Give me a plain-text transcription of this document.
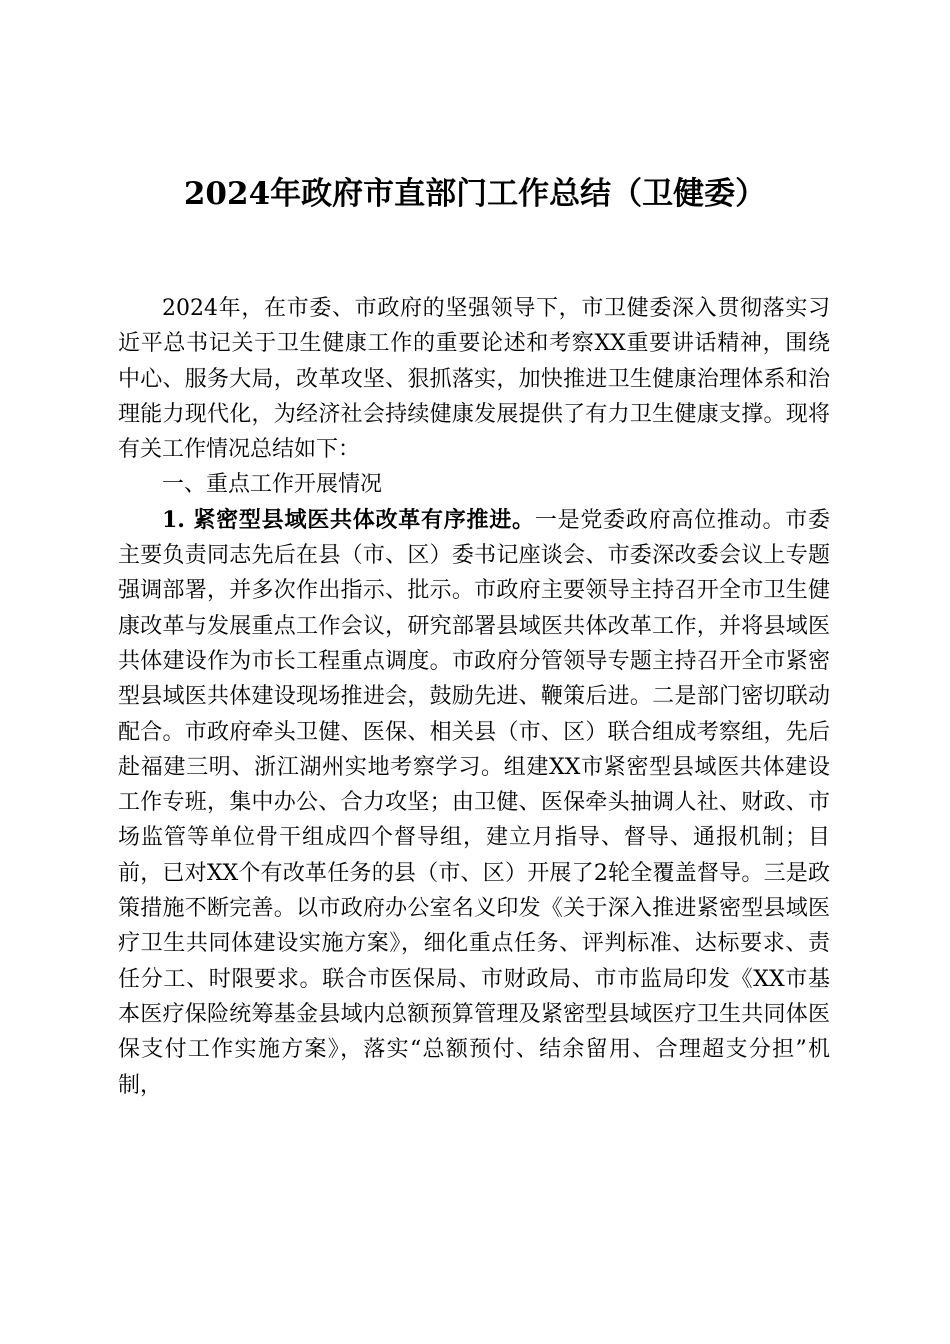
2024年政府市直部门工作总结（卫健委）

2024年，在市委、市政府的坚强领导下，市卫健委深入贯彻落实习近平总书记关于卫生健康工作的重要论述和考察XX重要讲话精神，围绕中心、服务大局，改革攻坚、狠抓落实，加快推进卫生健康治理体系和治理能力现代化，为经济社会持续健康发展提供了有力卫生健康支撑。现将有关工作情况总结如下：

一、重点工作开展情况

1. 紧密型县域医共体改革有序推进。一是党委政府高位推动。市委主要负责同志先后在县（市、区）委书记座谈会、市委深改委会议上专题强调部署，并多次作出指示、批示。市政府主要领导主持召开全市卫生健康改革与发展重点工作会议，研究部署县域医共体改革工作，并将县域医共体建设作为市长工程重点调度。市政府分管领导专题主持召开全市紧密型县域医共体建设现场推进会，鼓励先进、鞭策后进。二是部门密切联动配合。市政府牵头卫健、医保、相关县（市、区）联合组成考察组，先后赴福建三明、浙江湖州实地考察学习。组建XX市紧密型县域医共体建设工作专班，集中办公、合力攻坚；由卫健、医保牵头抽调人社、财政、市场监管等单位骨干组成四个督导组，建立月指导、督导、通报机制；目前，已对XX个有改革任务的县（市、区）开展了2轮全覆盖督导。三是政策措施不断完善。以市政府办公室名义印发《关于深入推进紧密型县域医疗卫生共同体建设实施方案》，细化重点任务、评判标准、达标要求、责任分工、时限要求。联合市医保局、市财政局、市市监局印发《XX市基本医疗保险统筹基金县域内总额预算管理及紧密型县域医疗卫生共同体医保支付工作实施方案》，落实“总额预付、结余留用、合理超支分担”机制，
